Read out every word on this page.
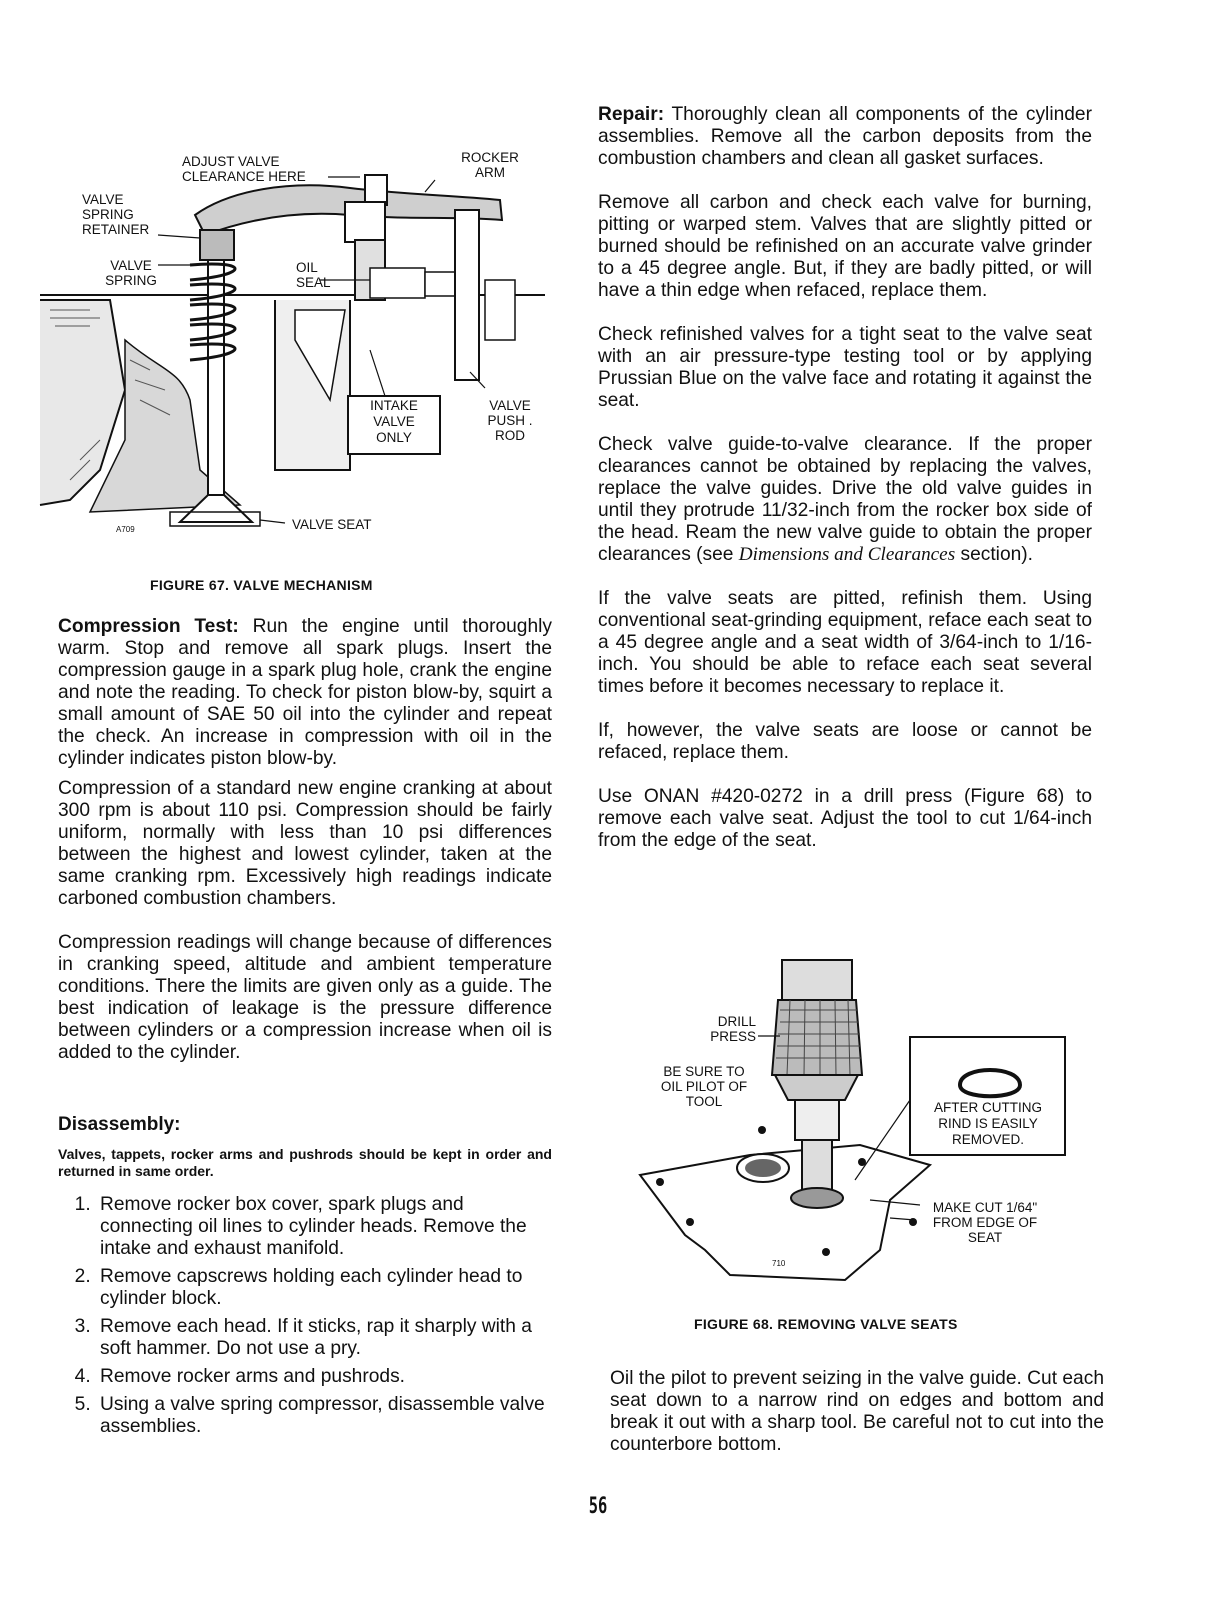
ADJUST VALVE
CLEARANCE HERE
ROCKER
ARM
VALVE
SPRING
RETAINER
VALVE
SPRING
OIL
SEAL
INTAKE
VALVE
ONLY
VALVE
PUSH .
ROD
VALVE SEAT
A709
FIGURE 67. VALVE MECHANISM

Compression Test: Run the engine until thoroughly warm. Stop and remove all spark plugs. Insert the compression gauge in a spark plug hole, crank the engine and note the reading. To check for piston blow-by, squirt a small amount of SAE 50 oil into the cylinder and repeat the check. An increase in compression with oil in the cylinder indicates piston blow-by.

Compression of a standard new engine cranking at about 300 rpm is about 110 psi. Compression should be fairly uniform, normally with less than 10 psi differences between the highest and lowest cylinder, taken at the same cranking rpm. Excessively high readings indicate carboned combustion chambers.

Compression readings will change because of differences in cranking speed, altitude and ambient temperature conditions. There the limits are given only as a guide. The best indication of leakage is the pressure difference between cylinders or a compression increase when oil is added to the cylinder.

Disassembly:

Valves, tappets, rocker arms and pushrods should be kept in order and returned in same order.

1. Remove rocker box cover, spark plugs and connecting oil lines to cylinder heads. Remove the intake and exhaust manifold.
2. Remove capscrews holding each cylinder head to cylinder block.
3. Remove each head. If it sticks, rap it sharply with a soft hammer. Do not use a pry.
4. Remove rocker arms and pushrods.
5. Using a valve spring compressor, disassemble valve assemblies.

Repair: Thoroughly clean all components of the cylinder assemblies. Remove all the carbon deposits from the combustion chambers and clean all gasket surfaces.

Remove all carbon and check each valve for burning, pitting or warped stem. Valves that are slightly pitted or burned should be refinished on an accurate valve grinder to a 45 degree angle. But, if they are badly pitted, or will have a thin edge when refaced, replace them.

Check refinished valves for a tight seat to the valve seat with an air pressure-type testing tool or by applying Prussian Blue on the valve face and rotating it against the seat.

Check valve guide-to-valve clearance. If the proper clearances cannot be obtained by replacing the valves, replace the valve guides. Drive the old valve guides in until they protrude 11/32-inch from the rocker box side of the head. Ream the new valve guide to obtain the proper clearances (see Dimensions and Clearances section).

If the valve seats are pitted, refinish them. Using conventional seat-grinding equipment, reface each seat to a 45 degree angle and a seat width of 3/64-inch to 1/16-inch. You should be able to reface each seat several times before it becomes necessary to replace it.

If, however, the valve seats are loose or cannot be refaced, replace them.

Use ONAN #420-0272 in a drill press (Figure 68) to remove each valve seat. Adjust the tool to cut 1/64-inch from the edge of the seat.

DRILL
PRESS
BE SURE TO
OIL PILOT OF
TOOL	AFTER CUTTING
RIND IS EASILY
REMOVED.
MAKE CUT 1/64"
FROM EDGE OF
SEAT
710
FIGURE 68. REMOVING VALVE SEATS

Oil the pilot to prevent seizing in the valve guide. Cut each seat down to a narrow rind on edges and bottom and break it out with a sharp tool. Be careful not to cut into the counterbore bottom.

56
